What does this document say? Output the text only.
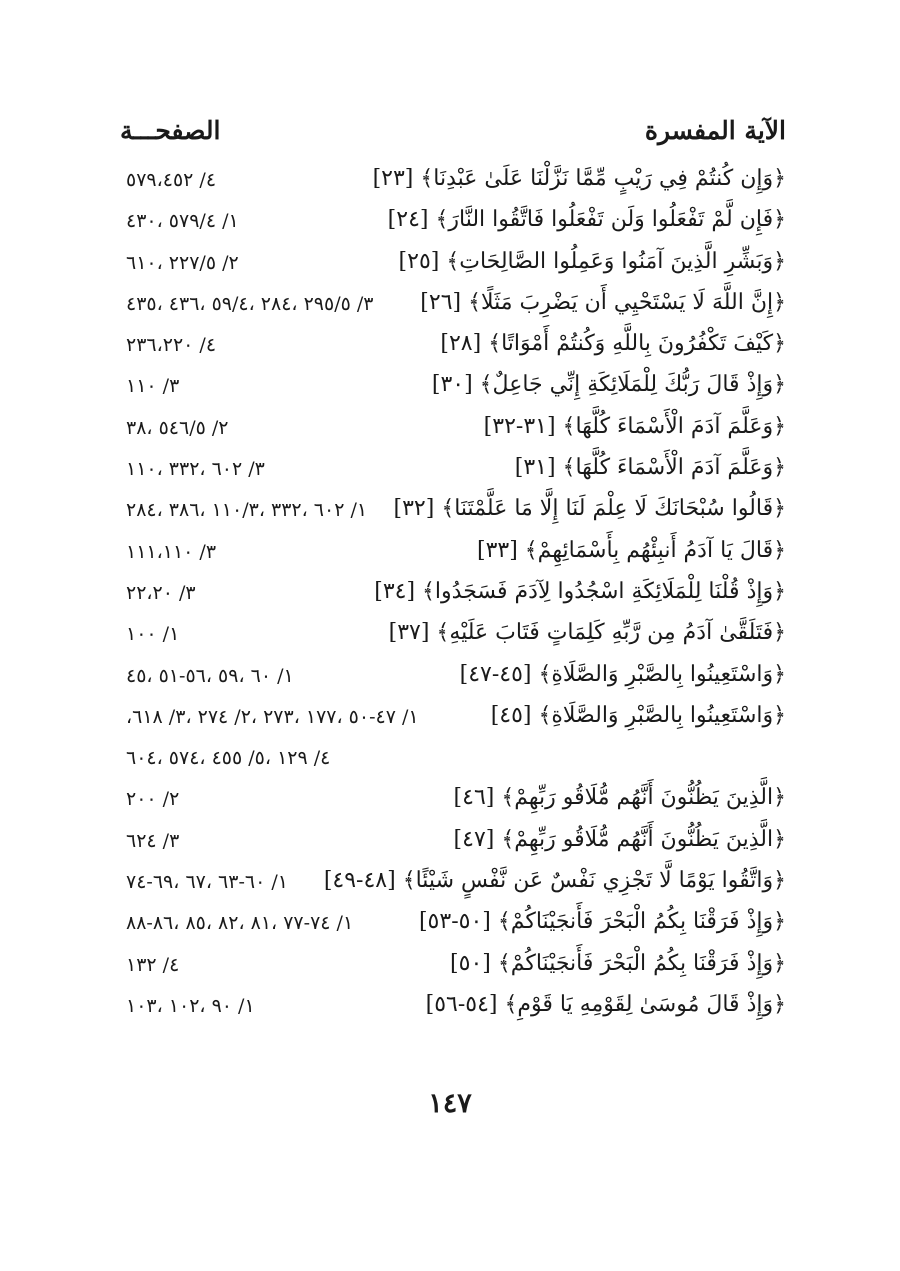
الآية المفسرة
الصفحـــة
﴿وَإِن كُنتُمْ فِي رَيْبٍ مِّمَّا نَزَّلْنَا عَلَىٰ عَبْدِنَا﴾ [٢٣]
٤/ ٥٧٩،٤٥٢
﴿فَإِن لَّمْ تَفْعَلُوا وَلَن تَفْعَلُوا فَاتَّقُوا النَّارَ﴾ [٢٤]
١/ ٥٧٩/٤ ،٤٣٠
﴿وَبَشِّرِ الَّذِينَ آمَنُوا وَعَمِلُوا الصَّالِحَاتِ﴾ [٢٥]
٢/ ٢٢٧/٥ ،٦١٠
﴿إِنَّ اللَّهَ لَا يَسْتَحْيِي أَن يَضْرِبَ مَثَلًا﴾ [٢٦]
٣/ ٢٩٥/٥ ،٢٨٤ ،٥٩/٤ ،٤٣٦ ،٤٣٥
﴿كَيْفَ تَكْفُرُونَ بِاللَّهِ وَكُنتُمْ أَمْوَاتًا﴾ [٢٨]
٤/ ٢٣٦،٢٢٠
﴿وَإِذْ قَالَ رَبُّكَ لِلْمَلَائِكَةِ إِنِّي جَاعِلٌ﴾ [٣٠]
٣/ ١١٠
﴿وَعَلَّمَ آدَمَ الْأَسْمَاءَ كُلَّهَا﴾ [٣١-٣٢]
٢/ ٥٤٦/٥ ،٣٨
﴿وَعَلَّمَ آدَمَ الْأَسْمَاءَ كُلَّهَا﴾ [٣١]
٣/ ٦٠٢ ،٣٣٢ ،١١٠
﴿قَالُوا سُبْحَانَكَ لَا عِلْمَ لَنَا إِلَّا مَا عَلَّمْتَنَا﴾ [٣٢]
١/ ٦٠٢ ،٣٣٢ ،١١٠/٣ ،٣٨٦ ،٢٨٤
﴿قَالَ يَا آدَمُ أَنبِئْهُم بِأَسْمَائِهِمْ﴾ [٣٣]
٣/ ١١١،١١٠
﴿وَإِذْ قُلْنَا لِلْمَلَائِكَةِ اسْجُدُوا لِآدَمَ فَسَجَدُوا﴾ [٣٤]
٣/ ٢٢،٢٠
﴿فَتَلَقَّىٰ آدَمُ مِن رَّبِّهِ كَلِمَاتٍ فَتَابَ عَلَيْهِ﴾ [٣٧]
١/ ١٠٠
﴿وَاسْتَعِينُوا بِالصَّبْرِ وَالصَّلَاةِ﴾ [٤٥-٤٧]
١/ ٦٠ ،٥٩ ،٥٦-٥١ ،٤٥
﴿وَاسْتَعِينُوا بِالصَّبْرِ وَالصَّلَاةِ﴾ [٤٥]
١/ ٤٧-٥٠ ،١٧٧ ،٢٧٣ ،٢/ ٢٧٤ ،٣/ ٦١٨،
٤/ ١٢٩ ،٥/ ٤٥٥ ،٥٧٤ ،٦٠٤
﴿الَّذِينَ يَظُنُّونَ أَنَّهُم مُّلَاقُو رَبِّهِمْ﴾ [٤٦]
٢/ ٢٠٠
﴿الَّذِينَ يَظُنُّونَ أَنَّهُم مُّلَاقُو رَبِّهِمْ﴾ [٤٧]
٣/ ٦٢٤
﴿وَاتَّقُوا يَوْمًا لَّا تَجْزِي نَفْسٌ عَن نَّفْسٍ شَيْئًا﴾ [٤٨-٤٩]
١/ ٦٠-٦٣ ،٦٧ ،٦٩-٧٤
﴿وَإِذْ فَرَقْنَا بِكُمُ الْبَحْرَ فَأَنجَيْنَاكُمْ﴾ [٥٠-٥٣]
١/ ٧٤-٧٧ ،٨١ ،٨٢ ،٨٥ ،٨٦-٨٨
﴿وَإِذْ فَرَقْنَا بِكُمُ الْبَحْرَ فَأَنجَيْنَاكُمْ﴾ [٥٠]
٤/ ١٣٢
﴿وَإِذْ قَالَ مُوسَىٰ لِقَوْمِهِ يَا قَوْمِ﴾ [٥٤-٥٦]
١/ ٩٠ ،١٠٢ ،١٠٣
١٤٧
